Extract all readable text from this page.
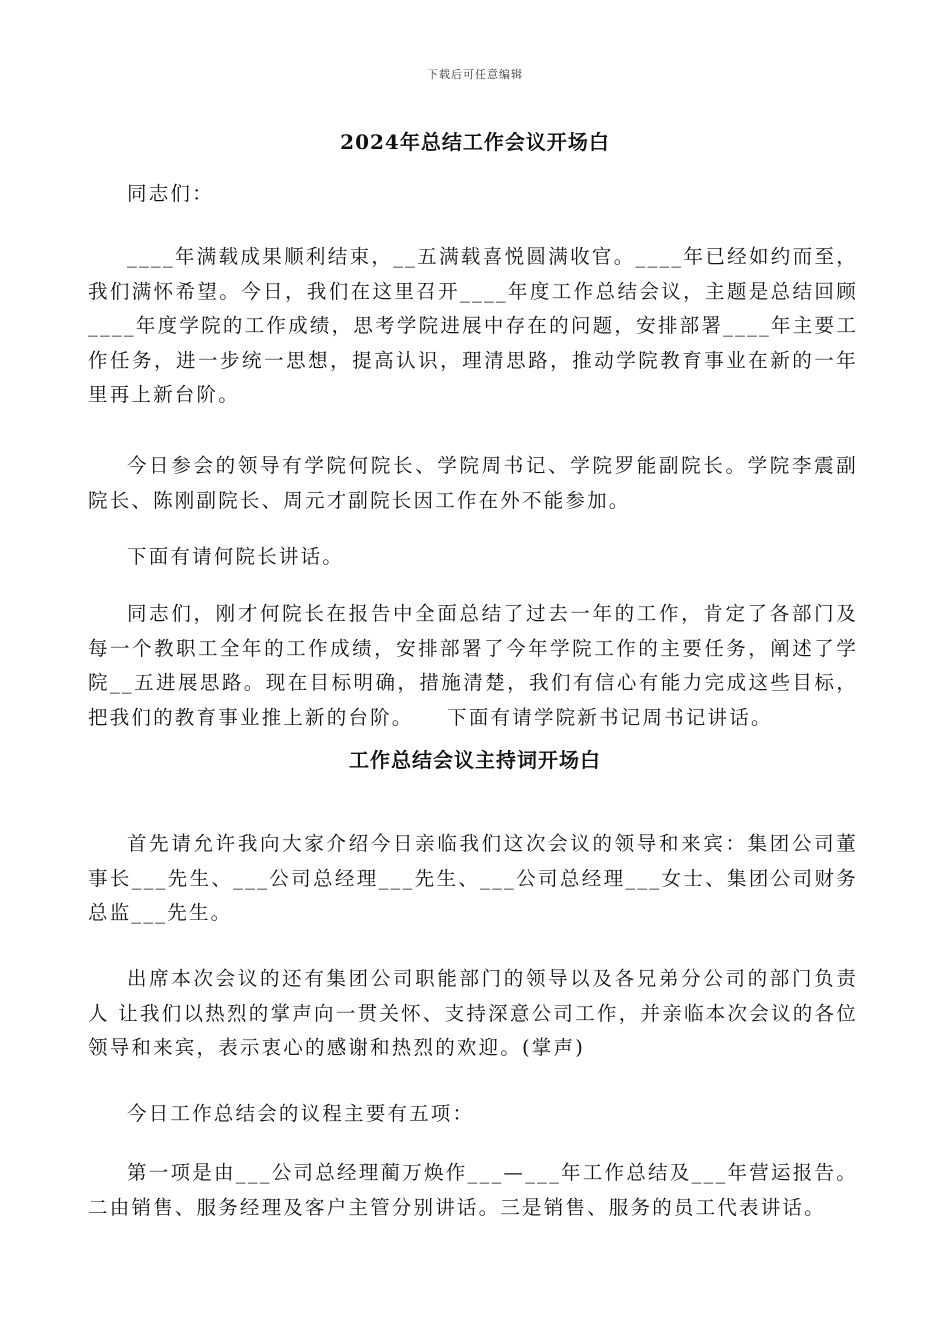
下载后可任意编辑
2024年总结工作会议开场白

同志们：

____年满载成果顺利结束，__五满载喜悦圆满收官。____年已经如约而至，我们满怀希望。今日，我们在这里召开____年度工作总结会议，主题是总结回顾____年度学院的工作成绩，思考学院进展中存在的问题，安排部署____年主要工作任务，进一步统一思想，提高认识，理清思路，推动学院教育事业在新的一年里再上新台阶。

今日参会的领导有学院何院长、学院周书记、学院罗能副院长。学院李震副院长、陈刚副院长、周元才副院长因工作在外不能参加。

下面有请何院长讲话。

同志们，刚才何院长在报告中全面总结了过去一年的工作，肯定了各部门及每一个教职工全年的工作成绩，安排部署了今年学院工作的主要任务，阐述了学院__五进展思路。现在目标明确，措施清楚，我们有信心有能力完成这些目标，把我们的教育事业推上新的台阶。　　下面有请学院新书记周书记讲话。

工作总结会议主持词开场白

首先请允许我向大家介绍今日亲临我们这次会议的领导和来宾：集团公司董事长___先生、___公司总经理___先生、___公司总经理___女士、集团公司财务总监___先生。

出席本次会议的还有集团公司职能部门的领导以及各兄弟分公司的部门负责人 让我们以热烈的掌声向一贯关怀、支持深意公司工作，并亲临本次会议的各位领导和来宾，表示衷心的感谢和热烈的欢迎。(掌声)

今日工作总结会的议程主要有五项：

第一项是由___公司总经理蔺万焕作___—___年工作总结及___年营运报告。二由销售、服务经理及客户主管分别讲话。三是销售、服务的员工代表讲话。
